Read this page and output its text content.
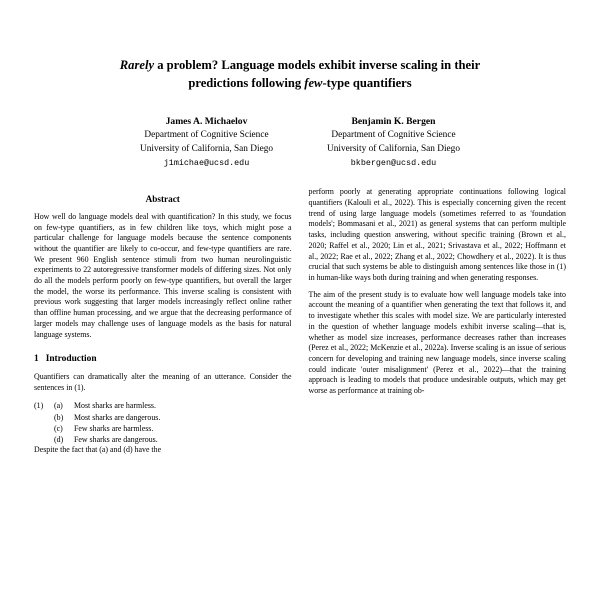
Rarely a problem? Language models exhibit inverse scaling in their
predictions following few-type quantifiers
James A. Michaelov
Department of Cognitive Science
University of California, San Diego
j1michae@ucsd.edu
Benjamin K. Bergen
Department of Cognitive Science
University of California, San Diego
bkbergen@ucsd.edu
Abstract

How well do language models deal with quantification? In this study, we focus on few-type quantifiers, as in few children like toys, which might pose a particular challenge for language models because the sentence components without the quantifier are likely to co-occur, and few-type quantifiers are rare. We present 960 English sentence stimuli from two human neurolinguistic experiments to 22 autoregressive transformer models of differing sizes. Not only do all the models perform poorly on few-type quantifiers, but overall the larger the model, the worse its performance. This inverse scaling is consistent with previous work suggesting that larger models increasingly reflect online rather than offline human processing, and we argue that the decreasing performance of larger models may challenge uses of language models as the basis for natural language systems.

1 Introduction

Quantifiers can dramatically alter the meaning of an utterance. Consider the sentences in (1).

(1)	(a)	Most sharks are harmless.
(b)	Most sharks are dangerous.
(c)	Few sharks are harmless.
(d)	Few sharks are dangerous.

Despite the fact that (a) and (d) have the

perform poorly at generating appropriate continuations following logical quantifiers (Kalouli et al., 2022). This is especially concerning given the recent trend of using large language models (sometimes referred to as 'foundation models'; Bommasani et al., 2021) as general systems that can perform multiple tasks, including question answering, without specific training (Brown et al., 2020; Raffel et al., 2020; Lin et al., 2021; Srivastava et al., 2022; Hoffmann et al., 2022; Rae et al., 2022; Zhang et al., 2022; Chowdhery et al., 2022). It is thus crucial that such systems be able to distinguish among sentences like those in (1) in human-like ways both during training and when generating responses.

The aim of the present study is to evaluate how well language models take into account the meaning of a quantifier when generating the text that follows it, and to investigate whether this scales with model size. We are particularly interested in the question of whether language models exhibit inverse scaling—that is, whether as model size increases, performance decreases rather than increases (Perez et al., 2022; McKenzie et al., 2022a). Inverse scaling is an issue of serious concern for developing and training new language models, since inverse scaling could indicate 'outer misalignment' (Perez et al., 2022)—that the training approach is leading to models that produce undesirable outputs, which may get worse as performance at training ob-
